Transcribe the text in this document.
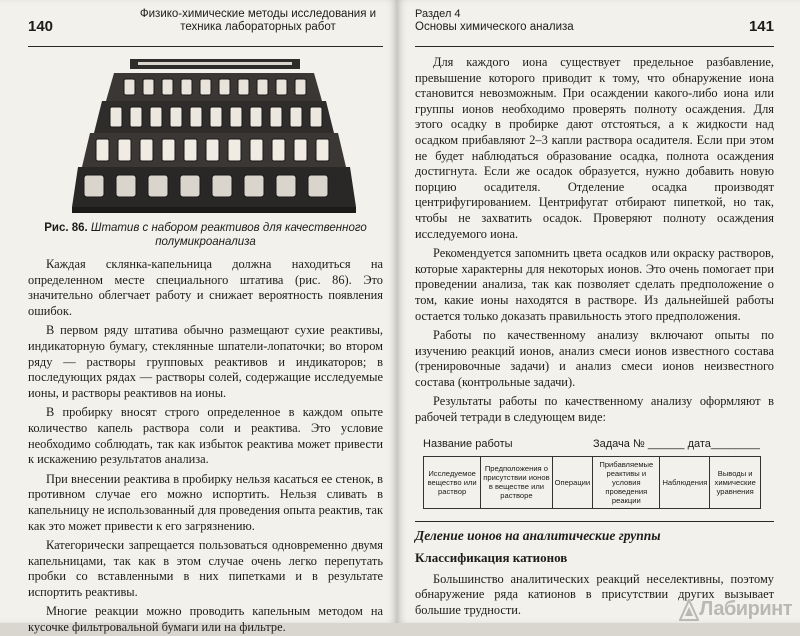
140
Физико-химические методы исследования и техника лабораторных работ
Рис. 86. Штатив с набором реактивов для качественного полумикроанализа

Каждая склянка-капельница должна находиться на определенном месте специального штатива (рис. 86). Это значительно облегчает работу и снижает вероятность появления ошибок.

В первом ряду штатива обычно размещают сухие реактивы, индикаторную бумагу, стеклянные шпатели-лопаточки; во втором ряду — растворы групповых реактивов и индикаторов; в последующих рядах — растворы солей, содержащие исследуемые ионы, и растворы реактивов на ионы.

В пробирку вносят строго определенное в каждом опыте количество капель раствора соли и реактива. Это условие необходимо соблюдать, так как избыток реактива может привести к искажению результатов анализа.

При внесении реактива в пробирку нельзя касаться ее стенок, в противном случае его можно испортить. Нельзя сливать в капельницу не использованный для проведения опыта реактив, так как это может привести к его загрязнению.

Категорически запрещается пользоваться одновременно двумя капельницами, так как в этом случае очень легко перепутать пробки со вставленными в них пипетками и в результате испортить реактивы.

Многие реакции можно проводить капельным методом на кусочке фильтровальной бумаги или на фильтре.

Раздел 4
Основы химического анализа	141

Для каждого иона существует предельное разбавление, превышение которого приводит к тому, что обнаружение иона становится невозможным. При осаждении какого-либо иона или группы ионов необходимо проверять полноту осаждения. Для этого осадку в пробирке дают отстояться, а к жидкости над осадком прибавляют 2–3 капли раствора осадителя. Если при этом не будет наблюдаться образование осадка, полнота осаждения достигнута. Если же осадок образуется, нужно добавить новую порцию осадителя. Отделение осадка производят центрифугированием. Центрифугат отбирают пипеткой, но так, чтобы не захватить осадок. Проверяют полноту осаждения исследуемого иона.

Рекомендуется запомнить цвета осадков или окраску растворов, которые характерны для некоторых ионов. Это очень помогает при проведении анализа, так как позволяет сделать предположение о том, какие ионы находятся в растворе. Из дальнейшей работы остается только доказать правильность этого предположения.

Работы по качественному анализу включают опыты по изучению реакций ионов, анализ смеси ионов известного состава (тренировочные задачи) и анализ смеси ионов неизвестного состава (контрольные задачи).

Результаты работы по качественному анализу оформляют в рабочей тетради в следующем виде:

Название работы	Задача № ______ дата________
Исследуемое вещество или раствор	Предположения о присутствии ионов в веществе или растворе	Операции	Прибавляемые реактивы и условия проведения реакции	Наблюдения	Выводы и химические уравнения
Деление ионов на аналитические группы
Классификация катионов

Большинство аналитических реакций неселективны, поэтому обнаружение ряда катионов в присутствии других вызывает большие трудности.	Лабиринт
